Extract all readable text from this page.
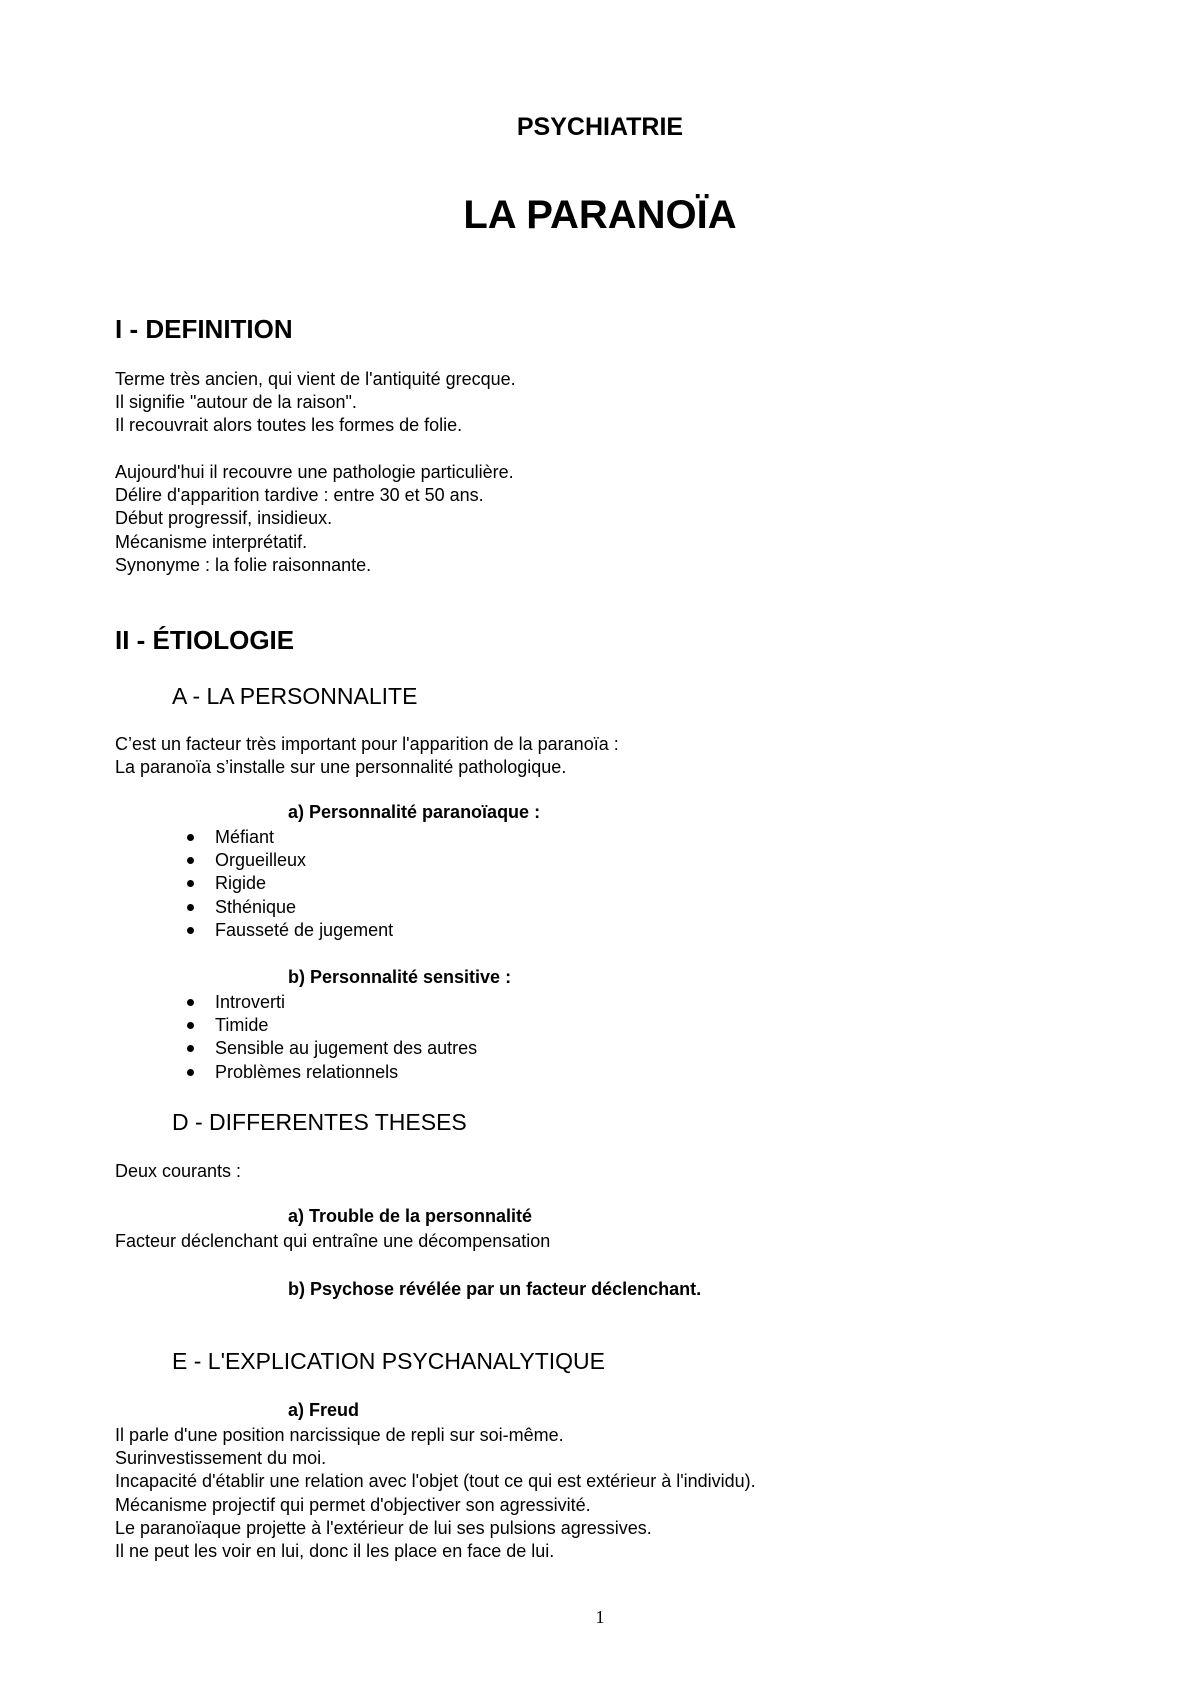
PSYCHIATRIE
LA PARANOÏA
I - DEFINITION
Terme très ancien, qui vient de l'antiquité grecque.
Il signifie "autour de la raison".
Il recouvrait alors toutes les formes de folie.
Aujourd'hui il recouvre une pathologie particulière.
Délire d'apparition tardive : entre 30 et 50 ans.
Début progressif, insidieux.
Mécanisme interprétatif.
Synonyme : la folie raisonnante.
II - ÉTIOLOGIE
A - LA PERSONNALITE
C’est un facteur très important pour l'apparition de la paranoïa :
La paranoïa s’installe sur une personnalité pathologique.
a) Personnalité paranoïaque :
Méfiant
Orgueilleux
Rigide
Sthénique
Fausseté de jugement
b) Personnalité sensitive :
Introverti
Timide
Sensible au jugement des autres
Problèmes relationnels
D - DIFFERENTES THESES
Deux courants :
a) Trouble de la personnalité
Facteur déclenchant qui entraîne une décompensation
b) Psychose révélée par un facteur déclenchant.
E - L'EXPLICATION PSYCHANALYTIQUE
a) Freud
Il parle d'une position narcissique de repli sur soi-même.
Surinvestissement du moi.
Incapacité d'établir une relation avec l'objet (tout ce qui est extérieur à l'individu).
Mécanisme projectif qui permet d'objectiver son agressivité.
Le paranoïaque projette à l'extérieur de lui ses pulsions agressives.
Il ne peut les voir en lui, donc il les place en face de lui.
1
